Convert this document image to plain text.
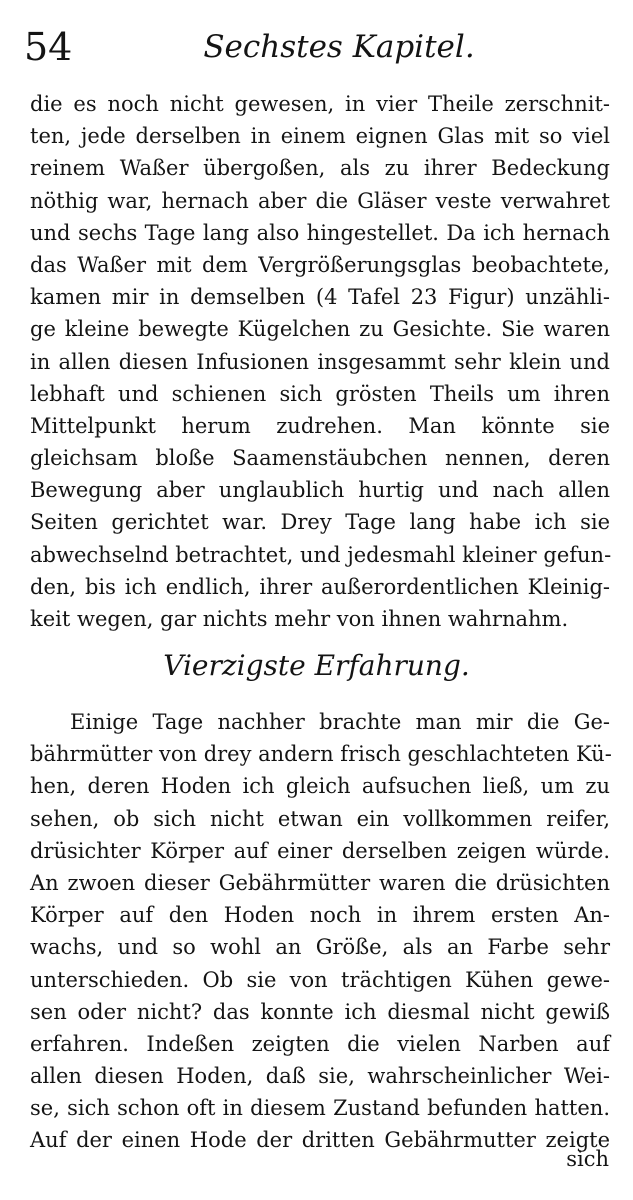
54	Sechstes Kapitel.
die es noch nicht gewesen, in vier Theile zerschnit-
ten, jede derselben in einem eignen Glas mit so viel
reinem Waßer übergoßen, als zu ihrer Bedeckung
nöthig war, hernach aber die Gläser veste verwahret
und sechs Tage lang also hingestellet. Da ich hernach
das Waßer mit dem Vergrößerungsglas beobachtete,
kamen mir in demselben (4 Tafel 23 Figur) unzähli-
ge kleine bewegte Kügelchen zu Gesichte. Sie waren
in allen diesen Infusionen insgesammt sehr klein und
lebhaft und schienen sich grösten Theils um ihren
Mittelpunkt herum zudrehen. Man könnte sie
gleichsam bloße Saamenstäubchen nennen, deren
Bewegung aber unglaublich hurtig und nach allen
Seiten gerichtet war. Drey Tage lang habe ich sie
abwechselnd betrachtet, und jedesmahl kleiner gefun-
den, bis ich endlich, ihrer außerordentlichen Kleinig-
keit wegen, gar nichts mehr von ihnen wahrnahm.
Vierzigste Erfahrung.
Einige Tage nachher brachte man mir die Ge-
bährmütter von drey andern frisch geschlachteten Kü-
hen, deren Hoden ich gleich aufsuchen ließ, um zu
sehen, ob sich nicht etwan ein vollkommen reifer,
drüsichter Körper auf einer derselben zeigen würde.
An zwoen dieser Gebährmütter waren die drüsichten
Körper auf den Hoden noch in ihrem ersten An-
wachs, und so wohl an Größe, als an Farbe sehr
unterschieden. Ob sie von trächtigen Kühen gewe-
sen oder nicht? das konnte ich diesmal nicht gewiß
erfahren. Indeßen zeigten die vielen Narben auf
allen diesen Hoden, daß sie, wahrscheinlicher Wei-
se, sich schon oft in diesem Zustand befunden hatten.
Auf der einen Hode der dritten Gebährmutter zeigte
sich
